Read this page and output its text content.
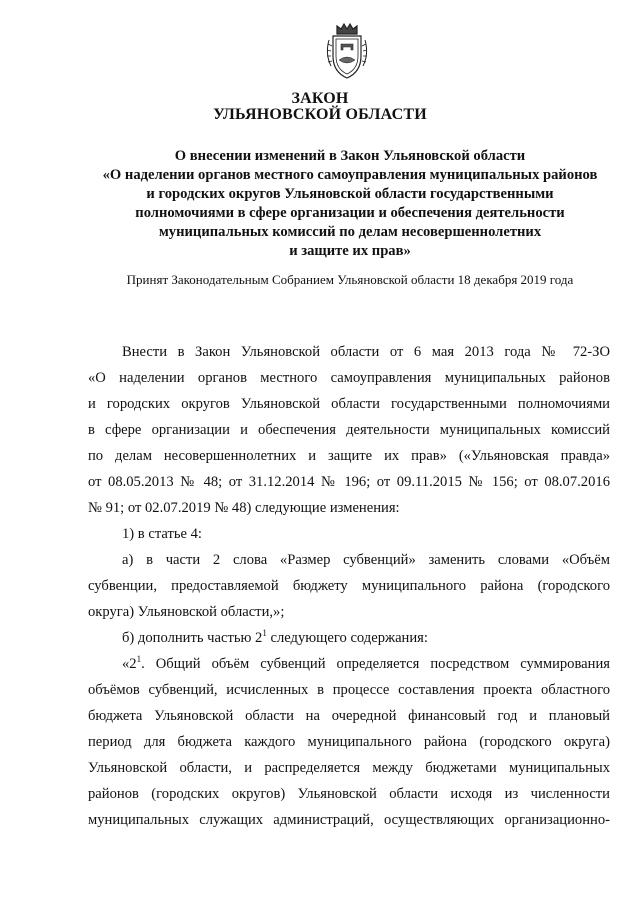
ЗАКОН
УЛЬЯНОВСКОЙ ОБЛАСТИ
О внесении изменений в Закон Ульяновской области
«О наделении органов местного самоуправления муниципальных районов
и городских округов Ульяновской области государственными
полномочиями в сфере организации и обеспечения деятельности
муниципальных комиссий по делам несовершеннолетних
и защите их прав»
Принят Законодательным Собранием Ульяновской области 18 декабря 2019 года
Внести в Закон Ульяновской области от 6 мая 2013 года № 72-ЗО
«О наделении органов местного самоуправления муниципальных районов
и городских округов Ульяновской области государственными полномочиями
в сфере организации и обеспечения деятельности муниципальных комиссий
по делам несовершеннолетних и защите их прав» («Ульяновская правда»
от 08.05.2013 № 48; от 31.12.2014 № 196; от 09.11.2015 № 156; от 08.07.2016
№ 91; от 02.07.2019 № 48) следующие изменения:
1) в статье 4:
а) в части 2 слова «Размер субвенций» заменить словами «Объём
субвенции, предоставляемой бюджету муниципального района (городского
округа) Ульяновской области,»;
б) дополнить частью $2^1$ следующего содержания:
«$2^1$. Общий объём субвенций определяется посредством суммирования
объёмов субвенций, исчисленных в процессе составления проекта областного
бюджета Ульяновской области на очередной финансовый год и плановый
период для бюджета каждого муниципального района (городского округа)
Ульяновской области, и распределяется между бюджетами муниципальных
районов (городских округов) Ульяновской области исходя из численности
муниципальных служащих администраций, осуществляющих организационно-
